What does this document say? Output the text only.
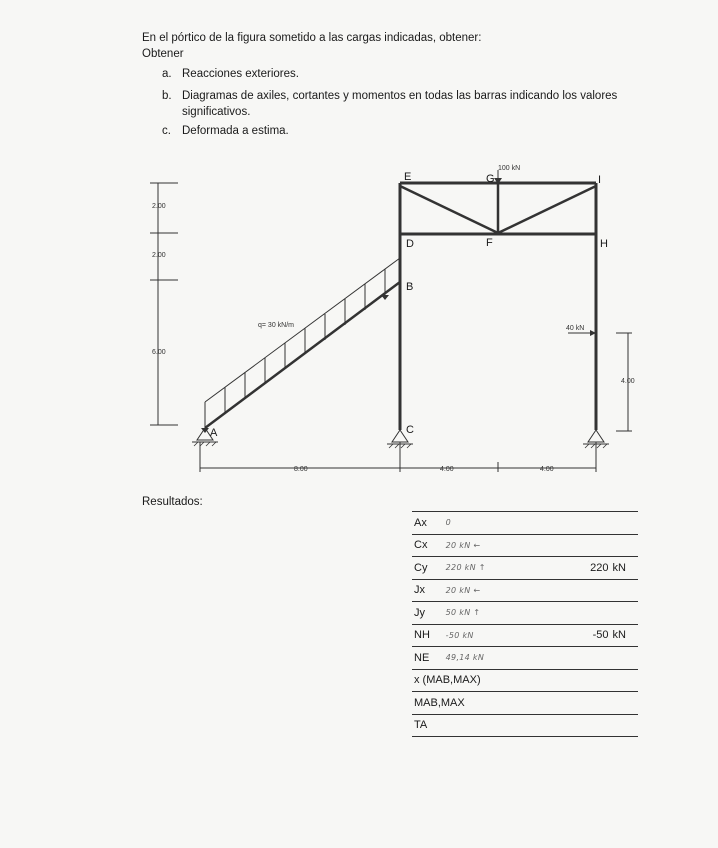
En el pórtico de la figura sometido a las cargas indicadas, obtener:
Obtener
a. Reacciones exteriores.
b. Diagramas de axiles, cortantes y momentos en todas las barras indicando los valores
significativos.
c. Deformada a estima.
E	G	I
D	F	H
B
C
A
100 kN
q= 30 kN/m	40 kN
2.00
2.00
6.00
4.00
8.00	4.00	4.00
Resultados:
Ax	0		
Cx	20 kN ←		
Cy	220 kN ↑	220	kN
Jx	20 kN ←		
Jy	50 kN ↑		
NH	-50 kN	-50	kN
NE	49,14 kN		
x (MAB,MAX)			
MAB,MAX			
TA			
